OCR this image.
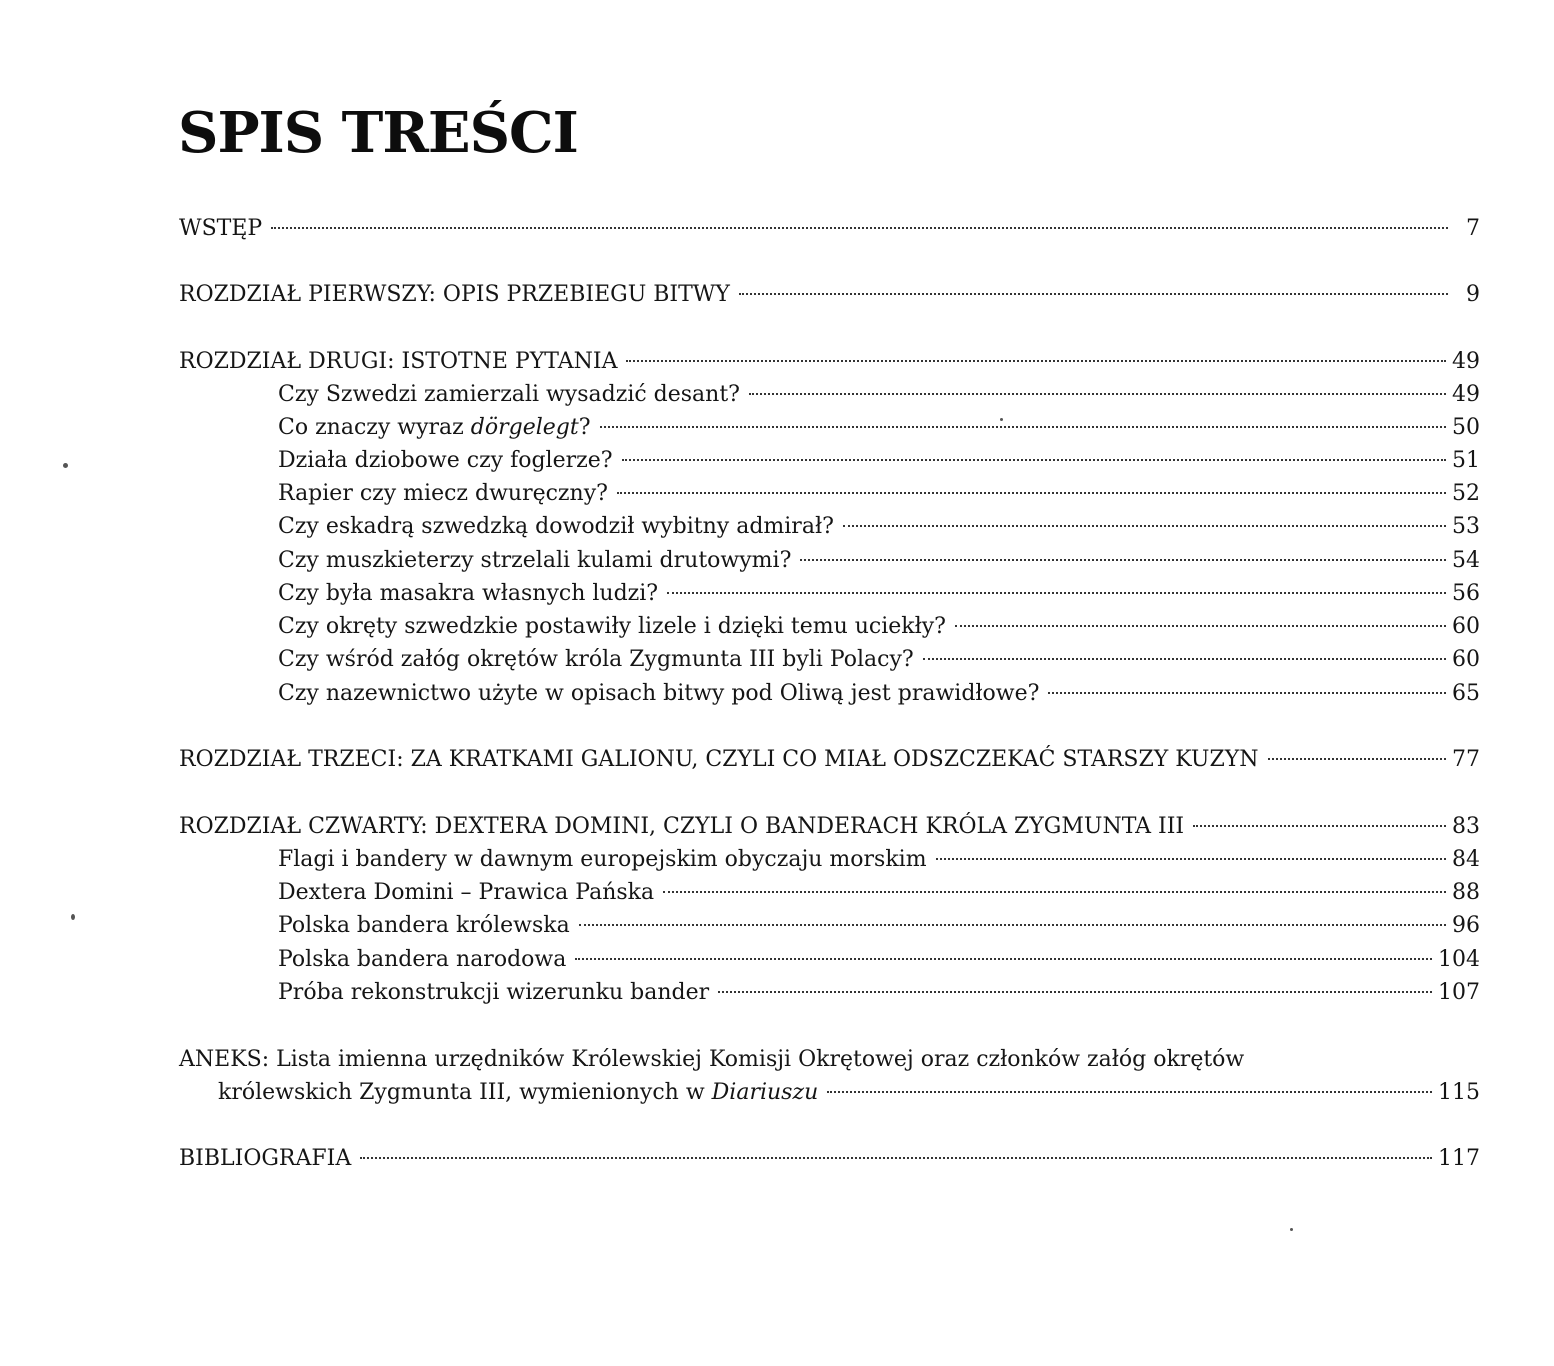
SPIS TREŚCI
WSTĘP	7
ROZDZIAŁ PIERWSZY: OPIS PRZEBIEGU BITWY	9
ROZDZIAŁ DRUGI: ISTOTNE PYTANIA	49
Czy Szwedzi zamierzali wysadzić desant?	49
Co znaczy wyraz dörgelegt?	50
Działa dziobowe czy foglerze?	51
Rapier czy miecz dwuręczny?	52
Czy eskadrą szwedzką dowodził wybitny admirał?	53
Czy muszkieterzy strzelali kulami drutowymi?	54
Czy była masakra własnych ludzi?	56
Czy okręty szwedzkie postawiły lizele i dzięki temu uciekły?	60
Czy wśród załóg okrętów króla Zygmunta III byli Polacy?	60
Czy nazewnictwo użyte w opisach bitwy pod Oliwą jest prawidłowe?	65
ROZDZIAŁ TRZECI: ZA KRATKAMI GALIONU, CZYLI CO MIAŁ ODSZCZEKAĆ STARSZY KUZYN	77
ROZDZIAŁ CZWARTY: DEXTERA DOMINI, CZYLI O BANDERACH KRÓLA ZYGMUNTA III	83
Flagi i bandery w dawnym europejskim obyczaju morskim	84
Dextera Domini – Prawica Pańska	88
Polska bandera królewska	96
Polska bandera narodowa	104
Próba rekonstrukcji wizerunku bander	107
ANEKS: Lista imienna urzędników Królewskiej Komisji Okrętowej oraz członków załóg okrętów
królewskich Zygmunta III, wymienionych w Diariuszu	115
BIBLIOGRAFIA	117
